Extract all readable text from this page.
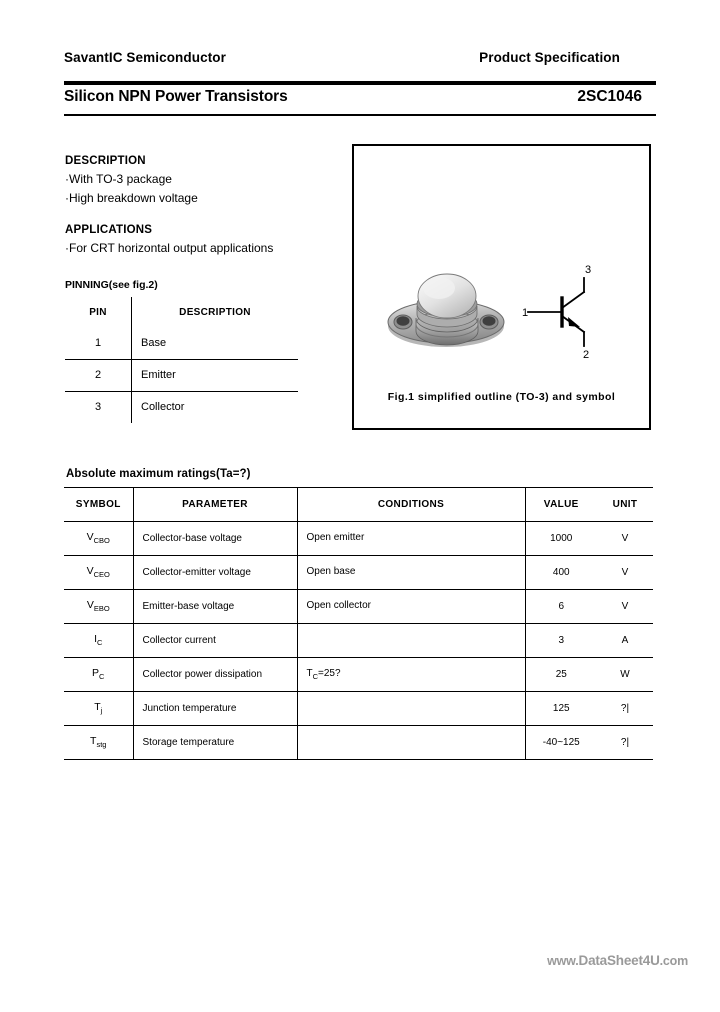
SavantIC Semiconductor	Product Specification
Silicon NPN Power Transistors	2SC1046
DESCRIPTION
·With TO-3 package
·High breakdown voltage
APPLICATIONS
·For CRT horizontal output applications
PINNING(see fig.2)
PIN	DESCRIPTION
1	Base
2	Emitter
3	Collector
3
1
2
Fig.1 simplified outline (TO-3) and symbol
Absolute maximum ratings(Ta=?)
SYMBOL	PARAMETER	CONDITIONS	VALUE	UNIT
$V_{CBO}$	Collector-base voltage	Open emitter	1000	V
$V_{CEO}$	Collector-emitter voltage	Open base	400	V
$V_{EBO}$	Emitter-base voltage	Open collector	6	V
$I_C$	Collector current		3	A
$P_C$	Collector power dissipation	$T_C=25$?	25	W
$T_j$	Junction temperature		125	?|
$T_{stg}$	Storage temperature		-40~125	?|
www.DataSheet4U.com
